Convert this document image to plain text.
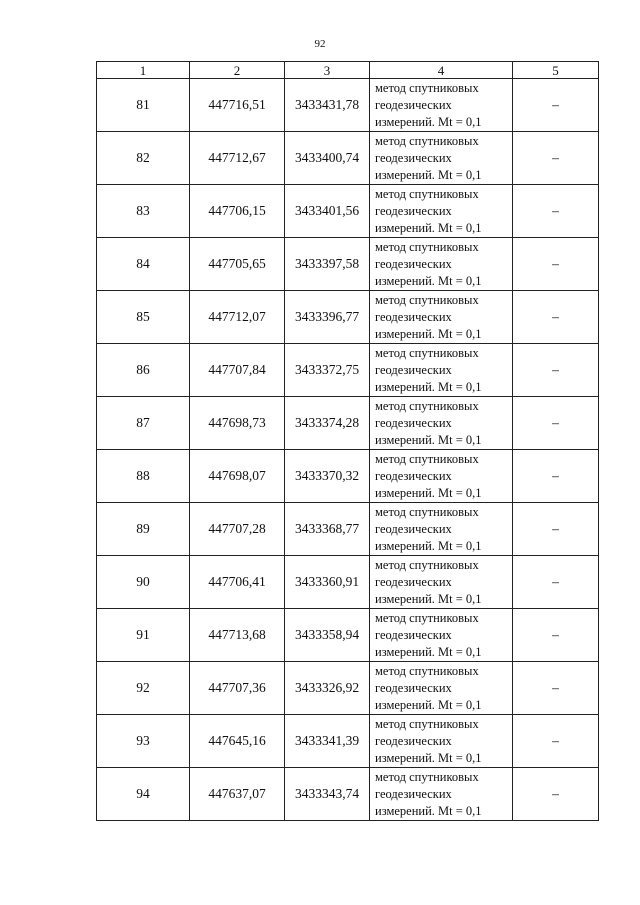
92
1	2	3	4	5
81	447716,51	3433431,78	метод спутниковых
геодезических
измерений. Mt = 0,1	–
82	447712,67	3433400,74	метод спутниковых
геодезических
измерений. Mt = 0,1	–
83	447706,15	3433401,56	метод спутниковых
геодезических
измерений. Mt = 0,1	–
84	447705,65	3433397,58	метод спутниковых
геодезических
измерений. Mt = 0,1	–
85	447712,07	3433396,77	метод спутниковых
геодезических
измерений. Mt = 0,1	–
86	447707,84	3433372,75	метод спутниковых
геодезических
измерений. Mt = 0,1	–
87	447698,73	3433374,28	метод спутниковых
геодезических
измерений. Mt = 0,1	–
88	447698,07	3433370,32	метод спутниковых
геодезических
измерений. Mt = 0,1	–
89	447707,28	3433368,77	метод спутниковых
геодезических
измерений. Mt = 0,1	–
90	447706,41	3433360,91	метод спутниковых
геодезических
измерений. Mt = 0,1	–
91	447713,68	3433358,94	метод спутниковых
геодезических
измерений. Mt = 0,1	–
92	447707,36	3433326,92	метод спутниковых
геодезических
измерений. Mt = 0,1	–
93	447645,16	3433341,39	метод спутниковых
геодезических
измерений. Mt = 0,1	–
94	447637,07	3433343,74	метод спутниковых
геодезических
измерений. Mt = 0,1	–
